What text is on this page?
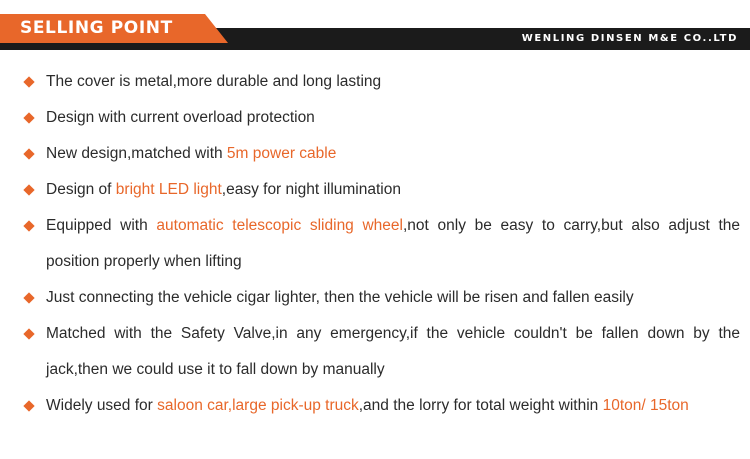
SELLING POINT
WENLING DINSEN M&E CO..LTD
The cover is metal,more durable and long lasting
Design with current overload protection
New design,matched with 5m power cable
Design of bright LED light,easy for night illumination
Equipped with automatic telescopic sliding wheel,not only be easy to carry,but also adjust the position properly when lifting
Just connecting the vehicle cigar lighter, then the vehicle will be risen and fallen easily
Matched with the Safety Valve,in any emergency,if the vehicle couldn't be fallen down by the jack,then we could use it to fall down by manually
Widely used for saloon car,large pick-up truck,and the lorry for total weight within 10ton/ 15ton
